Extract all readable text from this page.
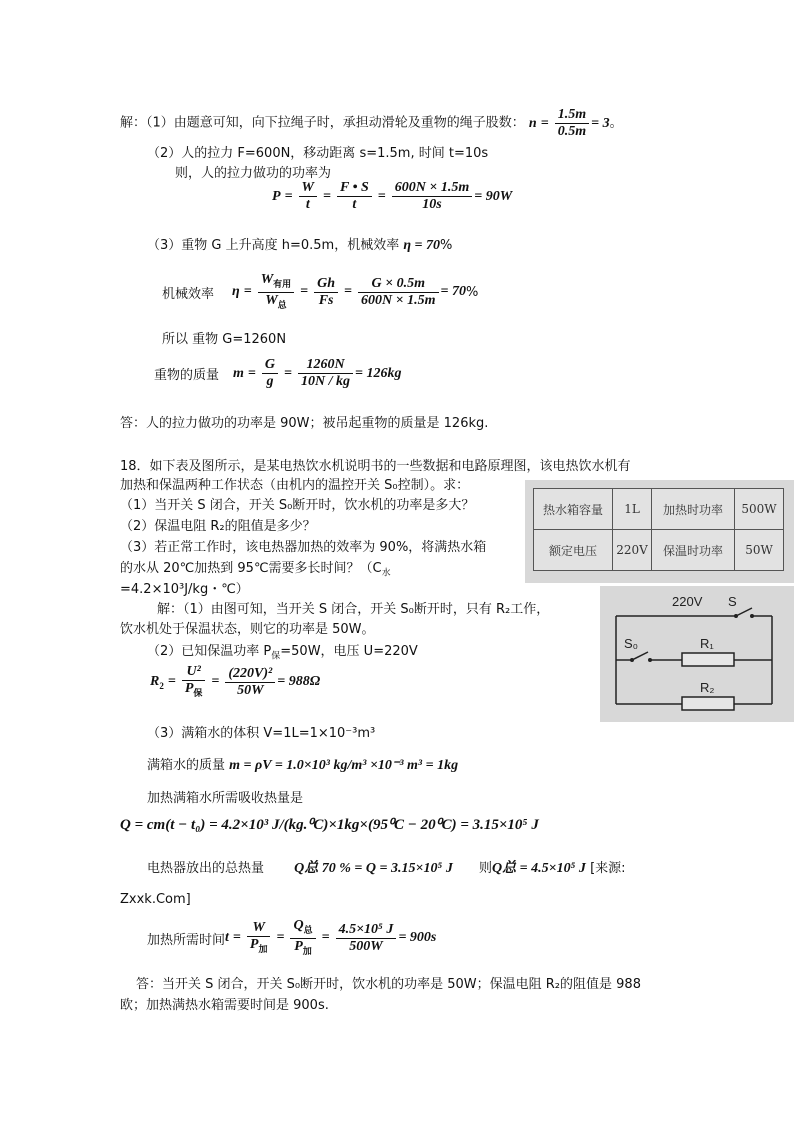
解：（1）由题意可知，向下拉绳子时，承担动滑轮及重物的绳子股数： $n = \frac{1.5m}{0.5m} = 3$ 。
（2）人的拉力 F=600N，移动距离 s=1.5m, 时间 t=10s
则，人的拉力做功的功率为
$P = \frac{W}{t} = \frac{F • S}{t} = \frac{600N \times 1.5m}{10s} = 90W$
（3）重物 G 上升高度 h=0.5m，机械效率 η = 70%
机械效率 $\eta = \frac{W_{有用}}{W_总} = \frac{Gh}{Fs} = \frac{G \times 0.5m}{600N \times 1.5m} = 70$ %
所以 重物 G=1260N
重物的质量 $m = \frac{G}{g} = \frac{1260N}{10N / kg} = 126kg$
答：人的拉力做功的功率是 90W；被吊起重物的质量是 126kg.
18．如下表及图所示，是某电热饮水机说明书的一些数据和电路原理图，该电热饮水机有
加热和保温两种工作状态（由机内的温控开关 S₀控制）。求：
（1）当开关 S 闭合，开关 S₀断开时，饮水机的功率是多大？
（2）保温电阻 R₂的阻值是多少？
（3）若正常工作时，该电热器加热的效率为 90%，将满热水箱
的水从 20℃加热到 95℃需要多长时间？（$C_水$
=4.2×10³J/kg・℃）
解：（1）由图可知，当开关 S 闭合，开关 S₀断开时，只有 R₂工作，
饮水机处于保温状态，则它的功率是 50W。
（2）已知保温功率 $P_保=50W$，电压 U=220V
$R_2 = \frac{\text{U²}}{P_保} = \frac{\text{(220V)²}}{50W} = 988\Omega$
（3）满箱水的体积 V=1L=1×10⁻³m³
满箱水的质量 m = ρV = 1.0×10³ kg/m³ ×10⁻³ m³ = 1kg
加热满箱水所需吸收热量是
Q = cm(t − t₀) = 4.2×10³ J/(kg.⁰C)×1kg×(95⁰C − 20⁰C) = 3.15×10⁵ J
电热器放出的总热量 Q总 70 % = Q = 3.15×10⁵ J 则Q总 = 4.5×10⁵ J [来源:
Zxxk.Com]
加热所需时间 $t = \frac{W}{P_加} = \frac{Q_总}{P_加} = \frac{\text{4.5×10⁵ J}}{500W} = 900s$
答：当开关 S 闭合，开关 S₀断开时，饮水机的功率是 50W；保温电阻 R₂的阻值是 988
欧；加热满热水箱需要时间是 900s.
热水箱容量	1L	加热时功率	500W
额定电压	220V	保温时功率	50W
220V S
S₀	R₁
R₂
